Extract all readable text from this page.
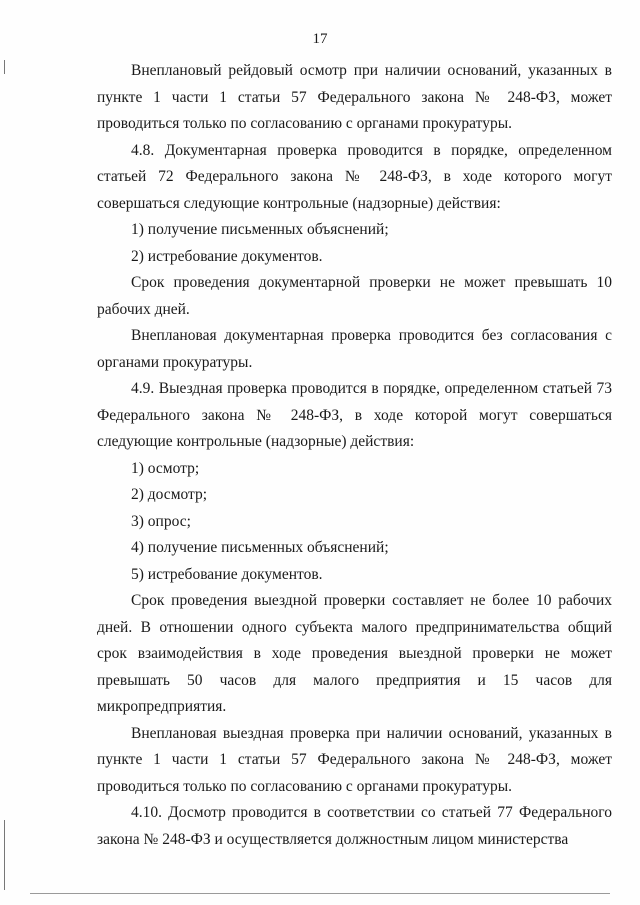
17

Внеплановый рейдовый осмотр при наличии оснований, указанных в пункте 1 части 1 статьи 57 Федерального закона № 248-ФЗ, может проводиться только по согласованию с органами прокуратуры.

4.8. Документарная проверка проводится в порядке, определенном статьей 72 Федерального закона № 248-ФЗ, в ходе которого могут совершаться следующие контрольные (надзорные) действия:

1) получение письменных объяснений;

2) истребование документов.

Срок проведения документарной проверки не может превышать 10 рабочих дней.

Внеплановая документарная проверка проводится без согласования с органами прокуратуры.

4.9. Выездная проверка проводится в порядке, определенном статьей 73 Федерального закона № 248-ФЗ, в ходе которой могут совершаться следующие контрольные (надзорные) действия:

1) осмотр;

2) досмотр;

3) опрос;

4) получение письменных объяснений;

5) истребование документов.

Срок проведения выездной проверки составляет не более 10 рабочих дней. В отношении одного субъекта малого предпринимательства общий срок взаимодействия в ходе проведения выездной проверки не может превышать 50 часов для малого предприятия и 15 часов для микропредприятия.

Внеплановая выездная проверка при наличии оснований, указанных в пункте 1 части 1 статьи 57 Федерального закона № 248-ФЗ, может проводиться только по согласованию с органами прокуратуры.

4.10. Досмотр проводится в соответствии со статьей 77 Федерального закона № 248-ФЗ и осуществляется должностным лицом министерства
